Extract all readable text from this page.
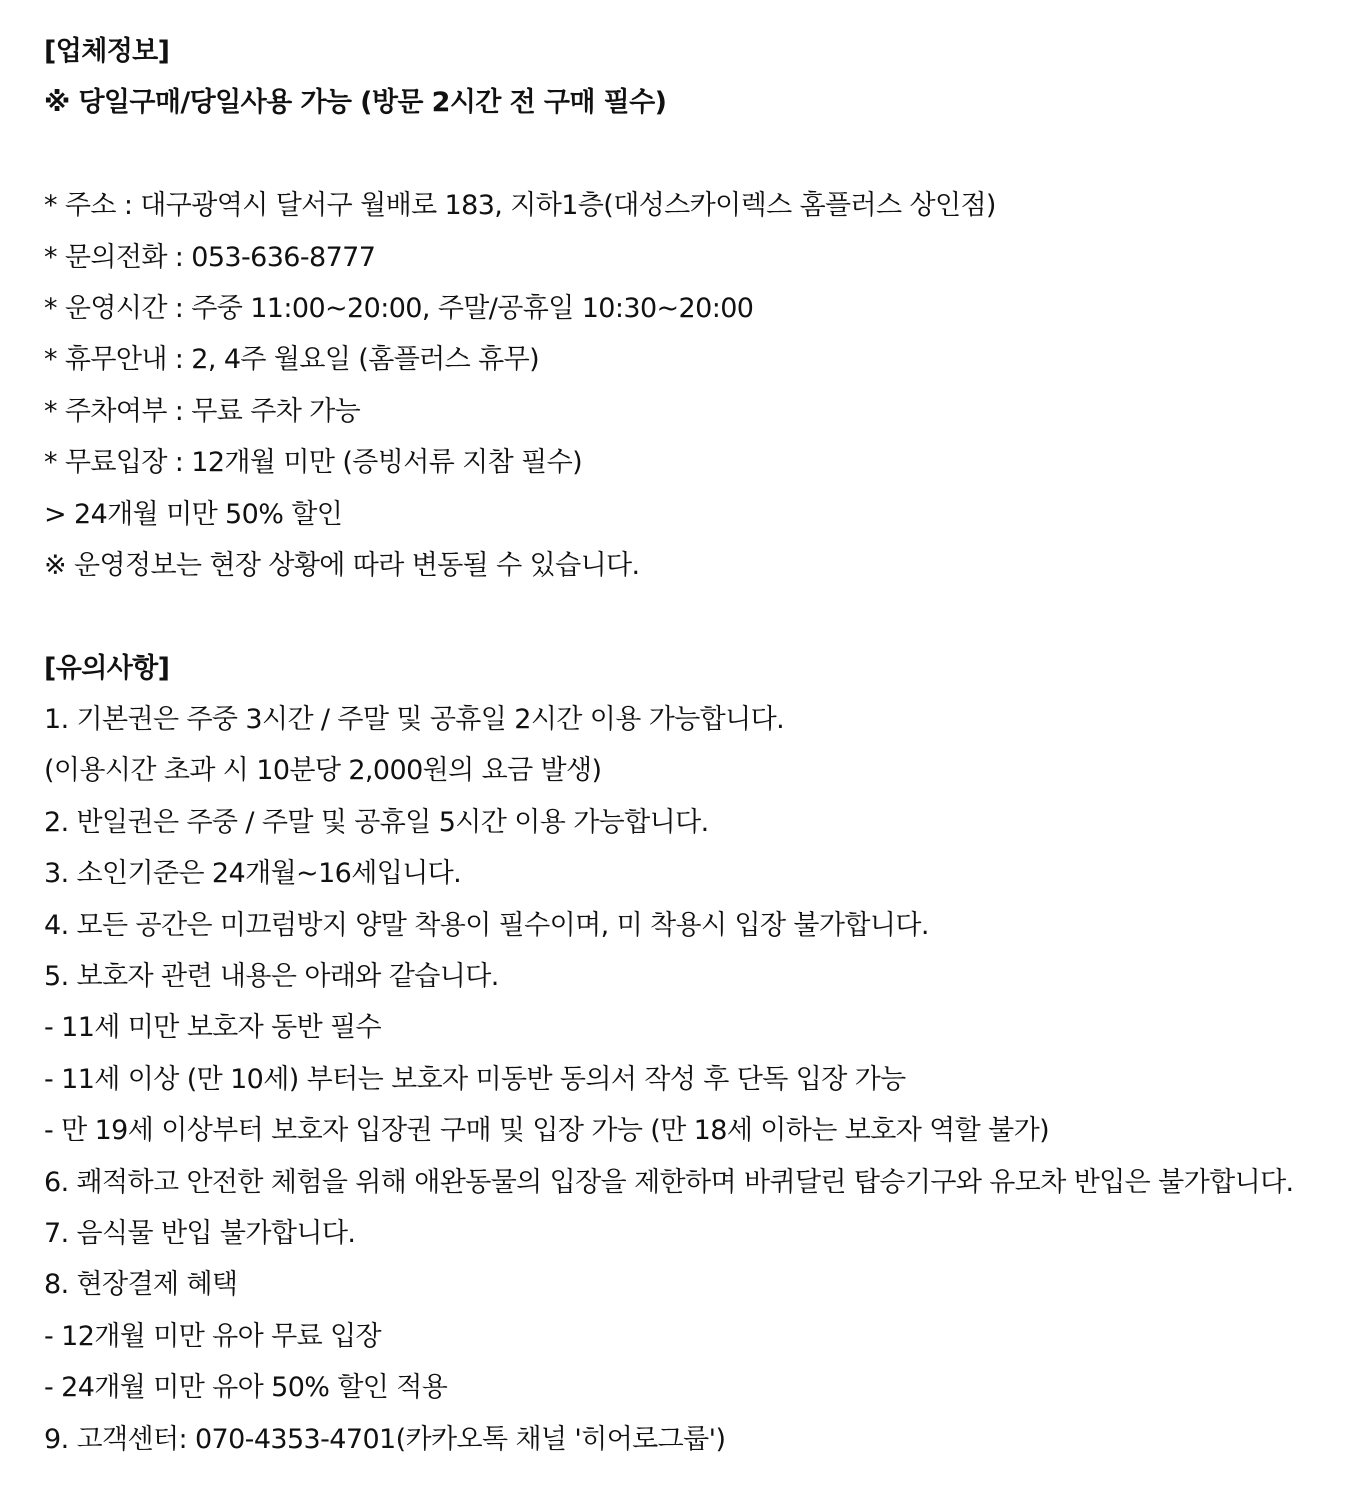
[업체정보]
※ 당일구매/당일사용 가능 (방문 2시간 전 구매 필수)
* 주소 : 대구광역시 달서구 월배로 183, 지하1층(대성스카이렉스 홈플러스 상인점)
* 문의전화 : 053-636-8777
* 운영시간 : 주중 11:00~20:00, 주말/공휴일 10:30~20:00
* 휴무안내 : 2, 4주 월요일 (홈플러스 휴무)
* 주차여부 : 무료 주차 가능
* 무료입장 : 12개월 미만 (증빙서류 지참 필수)
> 24개월 미만 50% 할인
※ 운영정보는 현장 상황에 따라 변동될 수 있습니다.
[유의사항]
1. 기본권은 주중 3시간 / 주말 및 공휴일 2시간 이용 가능합니다.
(이용시간 초과 시 10분당 2,000원의 요금 발생)
2. 반일권은 주중 / 주말 및 공휴일 5시간 이용 가능합니다.
3. 소인기준은 24개월~16세입니다.
4. 모든 공간은 미끄럼방지 양말 착용이 필수이며, 미 착용시 입장 불가합니다.
5. 보호자 관련 내용은 아래와 같습니다.
- 11세 미만 보호자 동반 필수
- 11세 이상 (만 10세) 부터는 보호자 미동반 동의서 작성 후 단독 입장 가능
- 만 19세 이상부터 보호자 입장권 구매 및 입장 가능 (만 18세 이하는 보호자 역할 불가)
6. 쾌적하고 안전한 체험을 위해 애완동물의 입장을 제한하며 바퀴달린 탑승기구와 유모차 반입은 불가합니다.
7. 음식물 반입 불가합니다.
8. 현장결제 혜택
- 12개월 미만 유아 무료 입장
- 24개월 미만 유아 50% 할인 적용
9. 고객센터: 070-4353-4701(카카오톡 채널 '히어로그룹')
